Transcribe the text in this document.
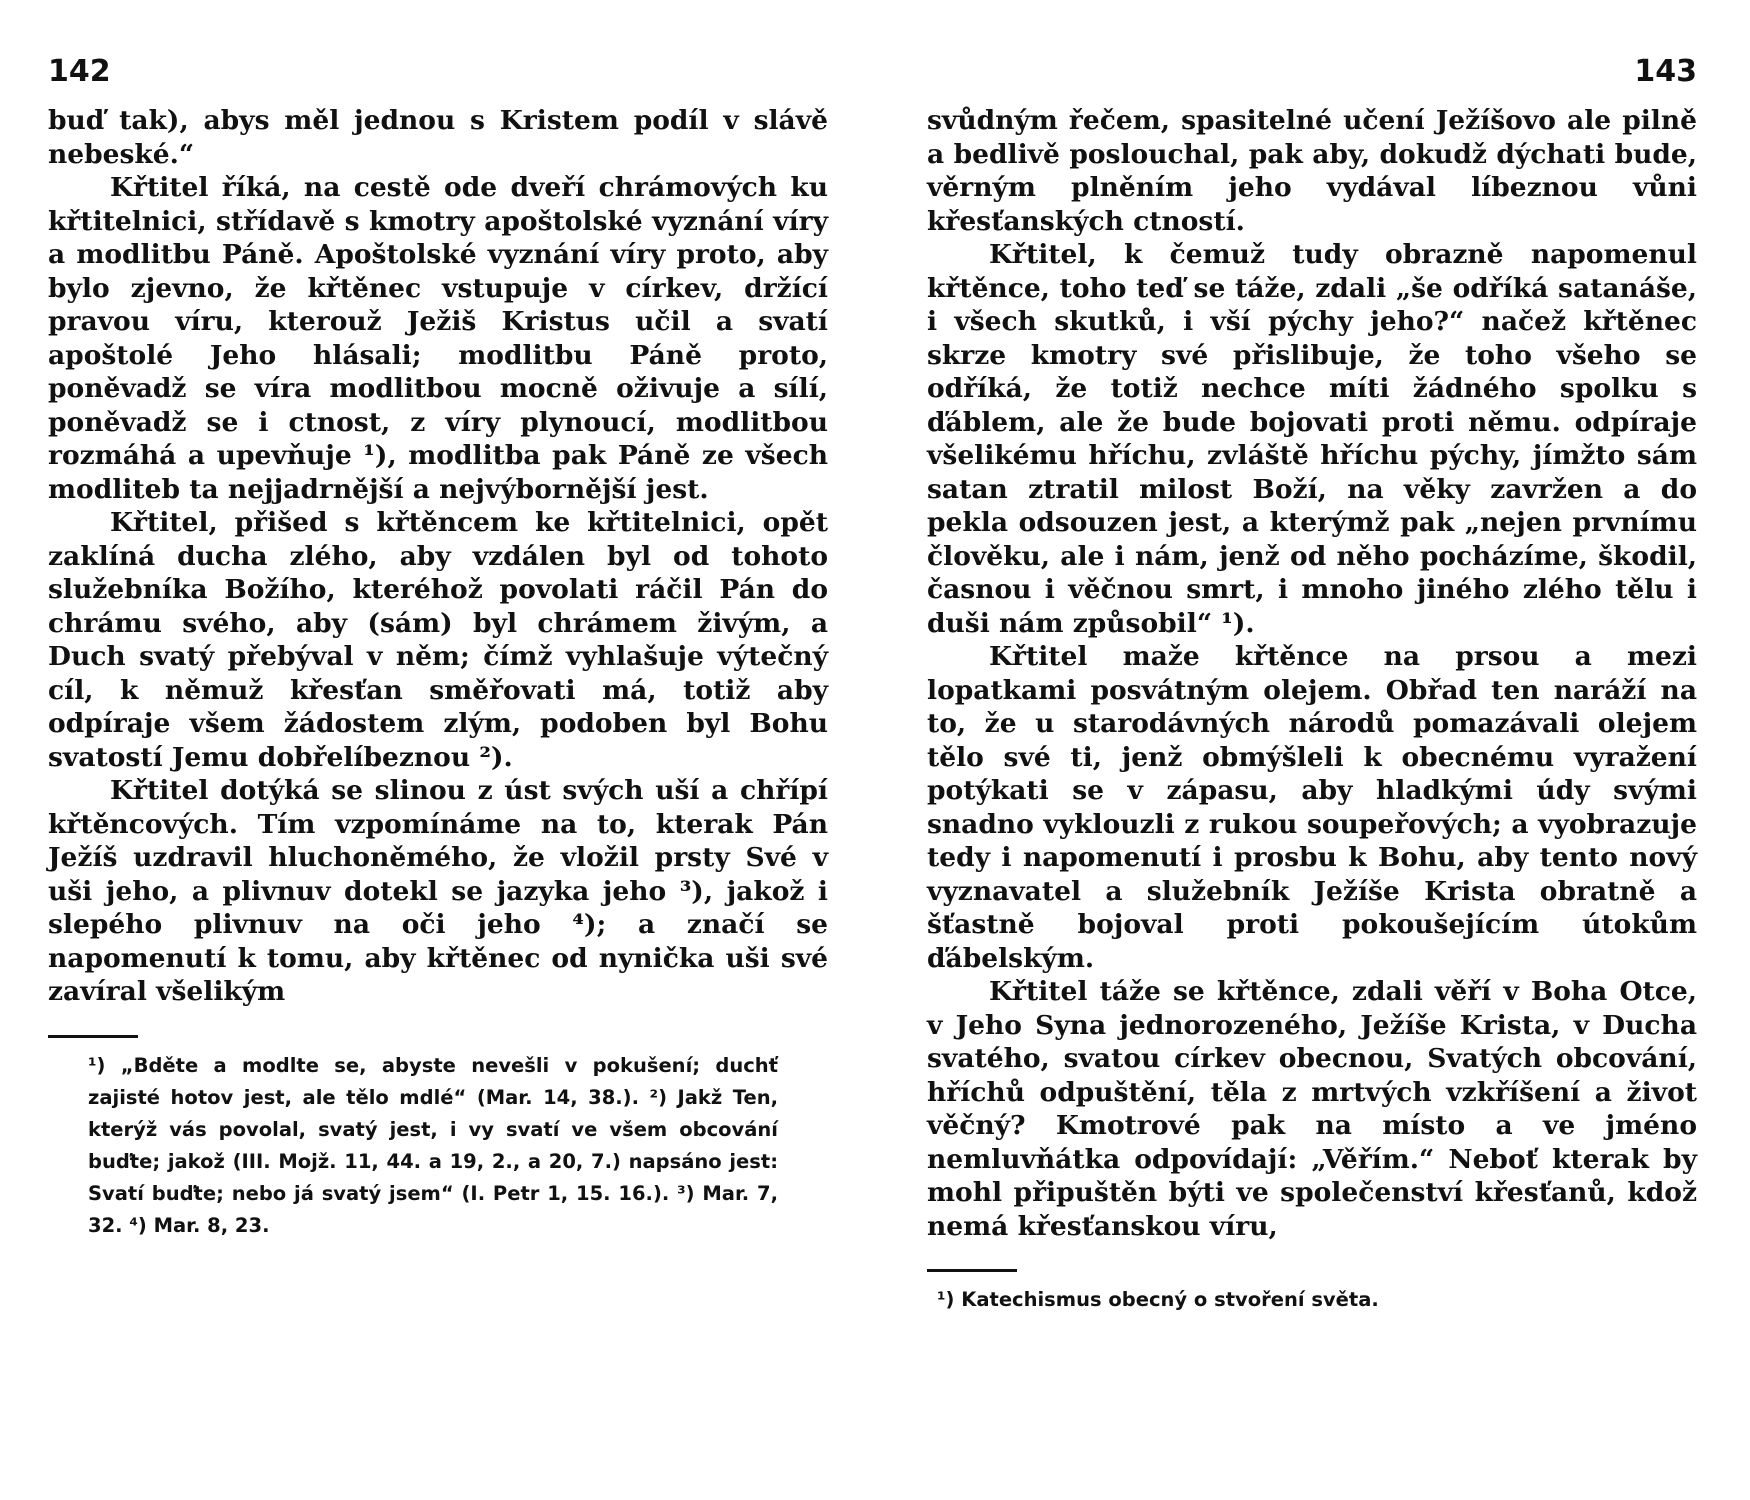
142

buď tak), abys měl jednou s Kristem podíl v slávě nebeské.“

Křtitel říká, na cestě ode dveří chrámových ku křtitelnici, střídavě s kmotry apoštolské vyznání víry a modlitbu Páně. Apoštolské vyznání víry proto, aby bylo zjevno, že křtěnec vstupuje v církev, držící pravou víru, kterouž Ježiš Kristus učil a svatí apoštolé Jeho hlásali; modlitbu Páně proto, poněvadž se víra modlitbou mocně oživuje a sílí, poněvadž se i ctnost, z víry plynoucí, modlitbou rozmáhá a upevňuje ¹), modlitba pak Páně ze všech modliteb ta nejjadrnější a nejvýbornější jest.

Křtitel, přišed s křtěncem ke křtitelnici, opět zaklíná ducha zlého, aby vzdálen byl od tohoto služebníka Božího, kteréhož povolati ráčil Pán do chrámu svého, aby (sám) byl chrámem živým, a Duch svatý přebýval v něm; čímž vyhlašuje výtečný cíl, k němuž křesťan směřovati má, totiž aby odpíraje všem žádostem zlým, podoben byl Bohu svatostí Jemu dobřelíbeznou ²).

Křtitel dotýká se slinou z úst svých uší a chřípí křtěncových. Tím vzpomínáme na to, kterak Pán Ježíš uzdravil hluchoněmého, že vložil prsty Své v uši jeho, a plivnuv dotekl se jazyka jeho ³), jakož i slepého plivnuv na oči jeho ⁴); a značí se napomenutí k tomu, aby křtěnec od nynička uši své zavíral všelikým

¹) „Bděte a modlte se, abyste nevešli v pokušení; duchť zajisté hotov jest, ale tělo mdlé“ (Mar. 14, 38.). ²) Jakž Ten, kterýž vás povolal, svatý jest, i vy svatí ve všem obcování buďte; jakož (III. Mojž. 11, 44. a 19, 2., a 20, 7.) napsáno jest: Svatí buďte; nebo já svatý jsem“ (I. Petr 1, 15. 16.). ³) Mar. 7, 32. ⁴) Mar. 8, 23.
143

svůdným řečem, spasitelné učení Ježíšovo ale pilně a bedlivě poslouchal, pak aby, dokudž dýchati bude, věrným plněním jeho vydával líbeznou vůni křesťanských ctností.

Křtitel, k čemuž tudy obrazně napomenul křtěnce, toho teď se táže, zdali „še odříká satanáše, i všech skutků, i vší pýchy jeho?“ načež křtěnec skrze kmotry své přislibuje, že toho všeho se odříká, že totiž nechce míti žádného spolku s ďáblem, ale že bude bojovati proti němu. odpíraje všelikému hříchu, zvláště hříchu pýchy, jímžto sám satan ztratil milost Boží, na věky zavržen a do pekla odsouzen jest, a kterýmž pak „nejen prvnímu člověku, ale i nám, jenž od něho pocházíme, škodil, časnou i věčnou smrt, i mnoho jiného zlého tělu i duši nám způsobil“ ¹).

Křtitel maže křtěnce na prsou a mezi lopatkami posvátným olejem. Obřad ten naráží na to, že u starodávných národů pomazávali olejem tělo své ti, jenž obmýšleli k obecnému vyražení potýkati se v zápasu, aby hladkými údy svými snadno vyklouzli z rukou soupeřových; a vyobrazuje tedy i napomenutí i prosbu k Bohu, aby tento nový vyznavatel a služebník Ježíše Krista obratně a šťastně bojoval proti pokoušejícím útokům ďábelským.

Křtitel táže se křtěnce, zdali věří v Boha Otce, v Jeho Syna jednorozeného, Ježíše Krista, v Ducha svatého, svatou církev obecnou, Svatých obcování, hříchů odpuštění, těla z mrtvých vzkříšení a život věčný? Kmotrové pak na místo a ve jméno nemluvňátka odpovídají: „Věřím.“ Neboť kterak by mohl připuštěn býti ve společenství křesťanů, kdož nemá křesťanskou víru,

¹) Katechismus obecný o stvoření světa.
